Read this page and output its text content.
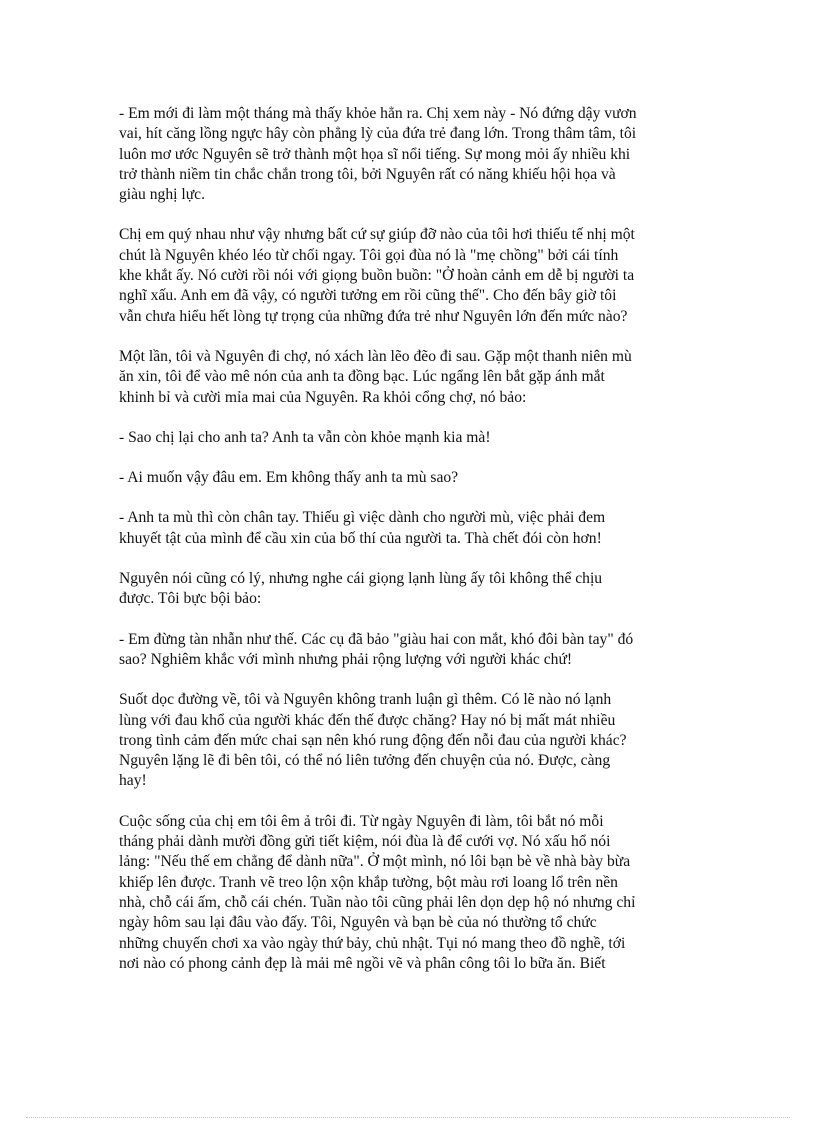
- Em mới đi làm một tháng mà thấy khỏe hẳn ra. Chị xem này - Nó đứng dậy vươn
vai, hít căng lồng ngực hây còn phẳng lỳ của đứa trẻ đang lớn. Trong thâm tâm, tôi
luôn mơ ước Nguyên sẽ trở thành một họa sĩ nổi tiếng. Sự mong mỏi ấy nhiều khi
trở thành niềm tin chắc chắn trong tôi, bởi Nguyên rất có năng khiếu hội họa và
giàu nghị lực.

Chị em quý nhau như vậy nhưng bất cứ sự giúp đỡ nào của tôi hơi thiếu tế nhị một
chút là Nguyên khéo léo từ chối ngay. Tôi gọi đùa nó là "mẹ chồng" bởi cái tính
khe khắt ấy. Nó cười rồi nói với giọng buồn buồn: "Ở hoàn cảnh em dễ bị người ta
nghĩ xấu. Anh em đã vậy, có người tưởng em rồi cũng thế". Cho đến bây giờ tôi
vẫn chưa hiểu hết lòng tự trọng của những đứa trẻ như Nguyên lớn đến mức nào?

Một lần, tôi và Nguyên đi chợ, nó xách làn lẽo đẽo đi sau. Gặp một thanh niên mù
ăn xin, tôi để vào mê nón của anh ta đồng bạc. Lúc ngẩng lên bắt gặp ánh mắt
khinh bỉ và cười mỉa mai của Nguyên. Ra khỏi cổng chợ, nó bảo:

- Sao chị lại cho anh ta? Anh ta vẫn còn khỏe mạnh kia mà!

- Ai muốn vậy đâu em. Em không thấy anh ta mù sao?

- Anh ta mù thì còn chân tay. Thiếu gì việc dành cho người mù, việc phải đem
khuyết tật của mình để cầu xin của bố thí của người ta. Thà chết đói còn hơn!

Nguyên nói cũng có lý, nhưng nghe cái giọng lạnh lùng ấy tôi không thể chịu
được. Tôi bực bội bảo:

- Em đừng tàn nhẫn như thế. Các cụ đã bảo "giàu hai con mắt, khó đôi bàn tay" đó
sao? Nghiêm khắc với mình nhưng phải rộng lượng với người khác chứ!

Suốt dọc đường về, tôi và Nguyên không tranh luận gì thêm. Có lẽ nào nó lạnh
lùng với đau khổ của người khác đến thế được chăng? Hay nó bị mất mát nhiều
trong tình cảm đến mức chai sạn nên khó rung động đến nỗi đau của người khác?
Nguyên lặng lẽ đi bên tôi, có thể nó liên tưởng đến chuyện của nó. Được, càng
hay!

Cuộc sống của chị em tôi êm ả trôi đi. Từ ngày Nguyên đi làm, tôi bắt nó mỗi
tháng phải dành mười đồng gửi tiết kiệm, nói đùa là để cưới vợ. Nó xấu hổ nói
lảng: "Nếu thế em chẳng để dành nữa". Ở một mình, nó lôi bạn bè về nhà bày bừa
khiếp lên được. Tranh vẽ treo lộn xộn khắp tường, bột màu rơi loang lổ trên nền
nhà, chỗ cái ấm, chỗ cái chén. Tuần nào tôi cũng phải lên dọn dẹp hộ nó nhưng chỉ
ngày hôm sau lại đâu vào đấy. Tôi, Nguyên và bạn bè của nó thường tổ chức
những chuyến chơi xa vào ngày thứ bảy, chủ nhật. Tụi nó mang theo đồ nghề, tới
nơi nào có phong cảnh đẹp là mải mê ngồi vẽ và phân công tôi lo bữa ăn. Biết
